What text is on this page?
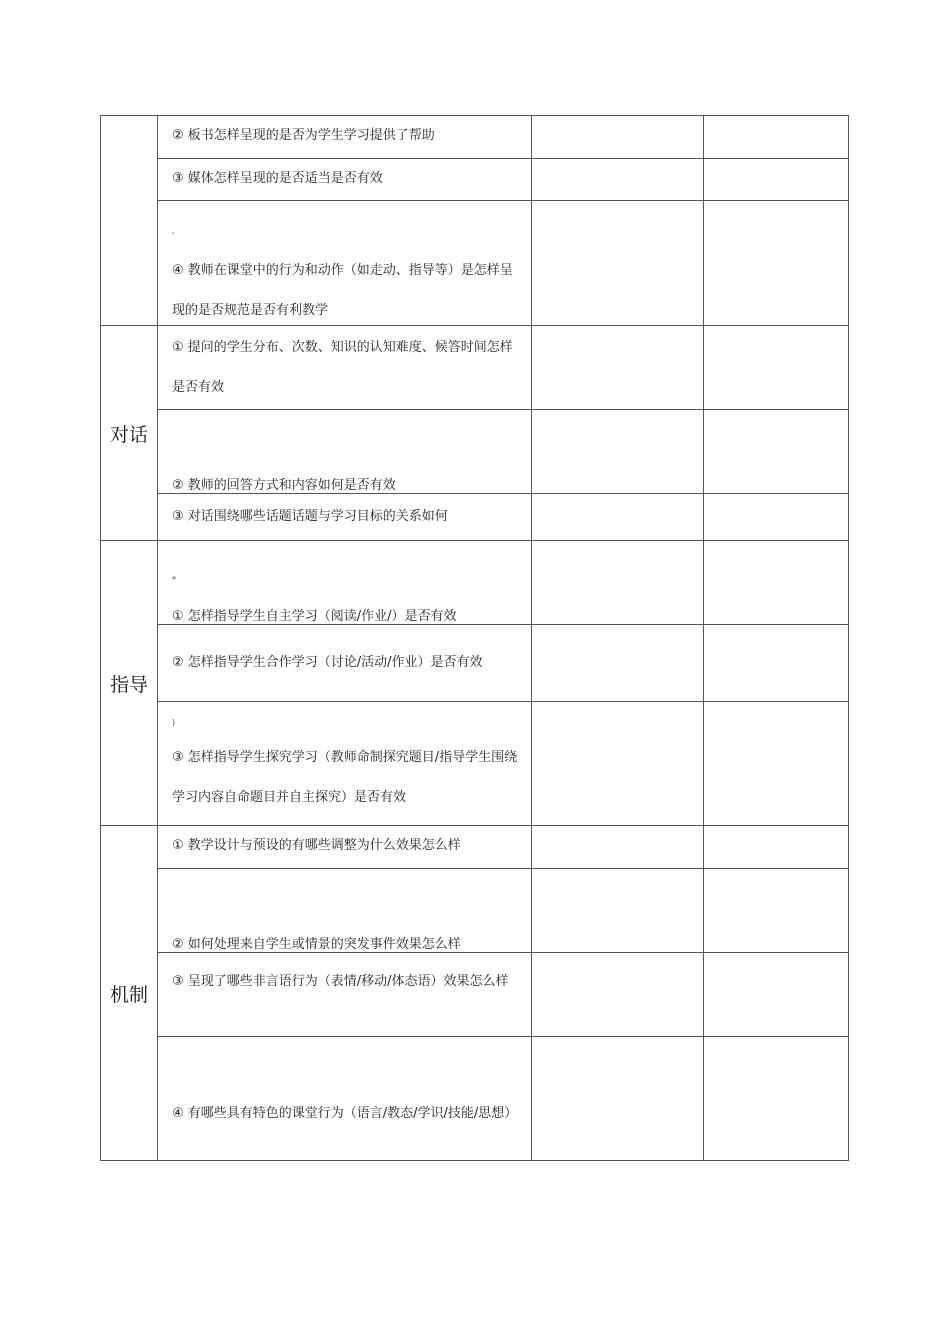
	② 板书怎样呈现的是否为学生学习提供了帮助		

	③ 媒体怎样呈现的是否适当是否有效		

	'
④ 教师在课堂中的行为和动作（如走动、指导等）是怎样呈现的是否规范是否有利教学		

对话	① 提问的学生分布、次数、知识的认知难度、候答时间怎样是否有效		

	② 教师的回答方式和内容如何是否有效		

	③ 对话围绕哪些话题话题与学习目标的关系如何		

指导	*
① 怎样指导学生自主学习（阅读/作业/）是否有效		

	② 怎样指导学生合作学习（讨论/活动/作业）是否有效		

	)
③ 怎样指导学生探究学习（教师命制探究题目/指导学生围绕学习内容自命题目并自主探究）是否有效		

机制	① 教学设计与预设的有哪些调整为什么效果怎么样		

	② 如何处理来自学生或情景的突发事件效果怎么样		

	③ 呈现了哪些非言语行为（表情/移动/体态语）效果怎么样		

	④ 有哪些具有特色的课堂行为（语言/教态/学识/技能/思想）		
